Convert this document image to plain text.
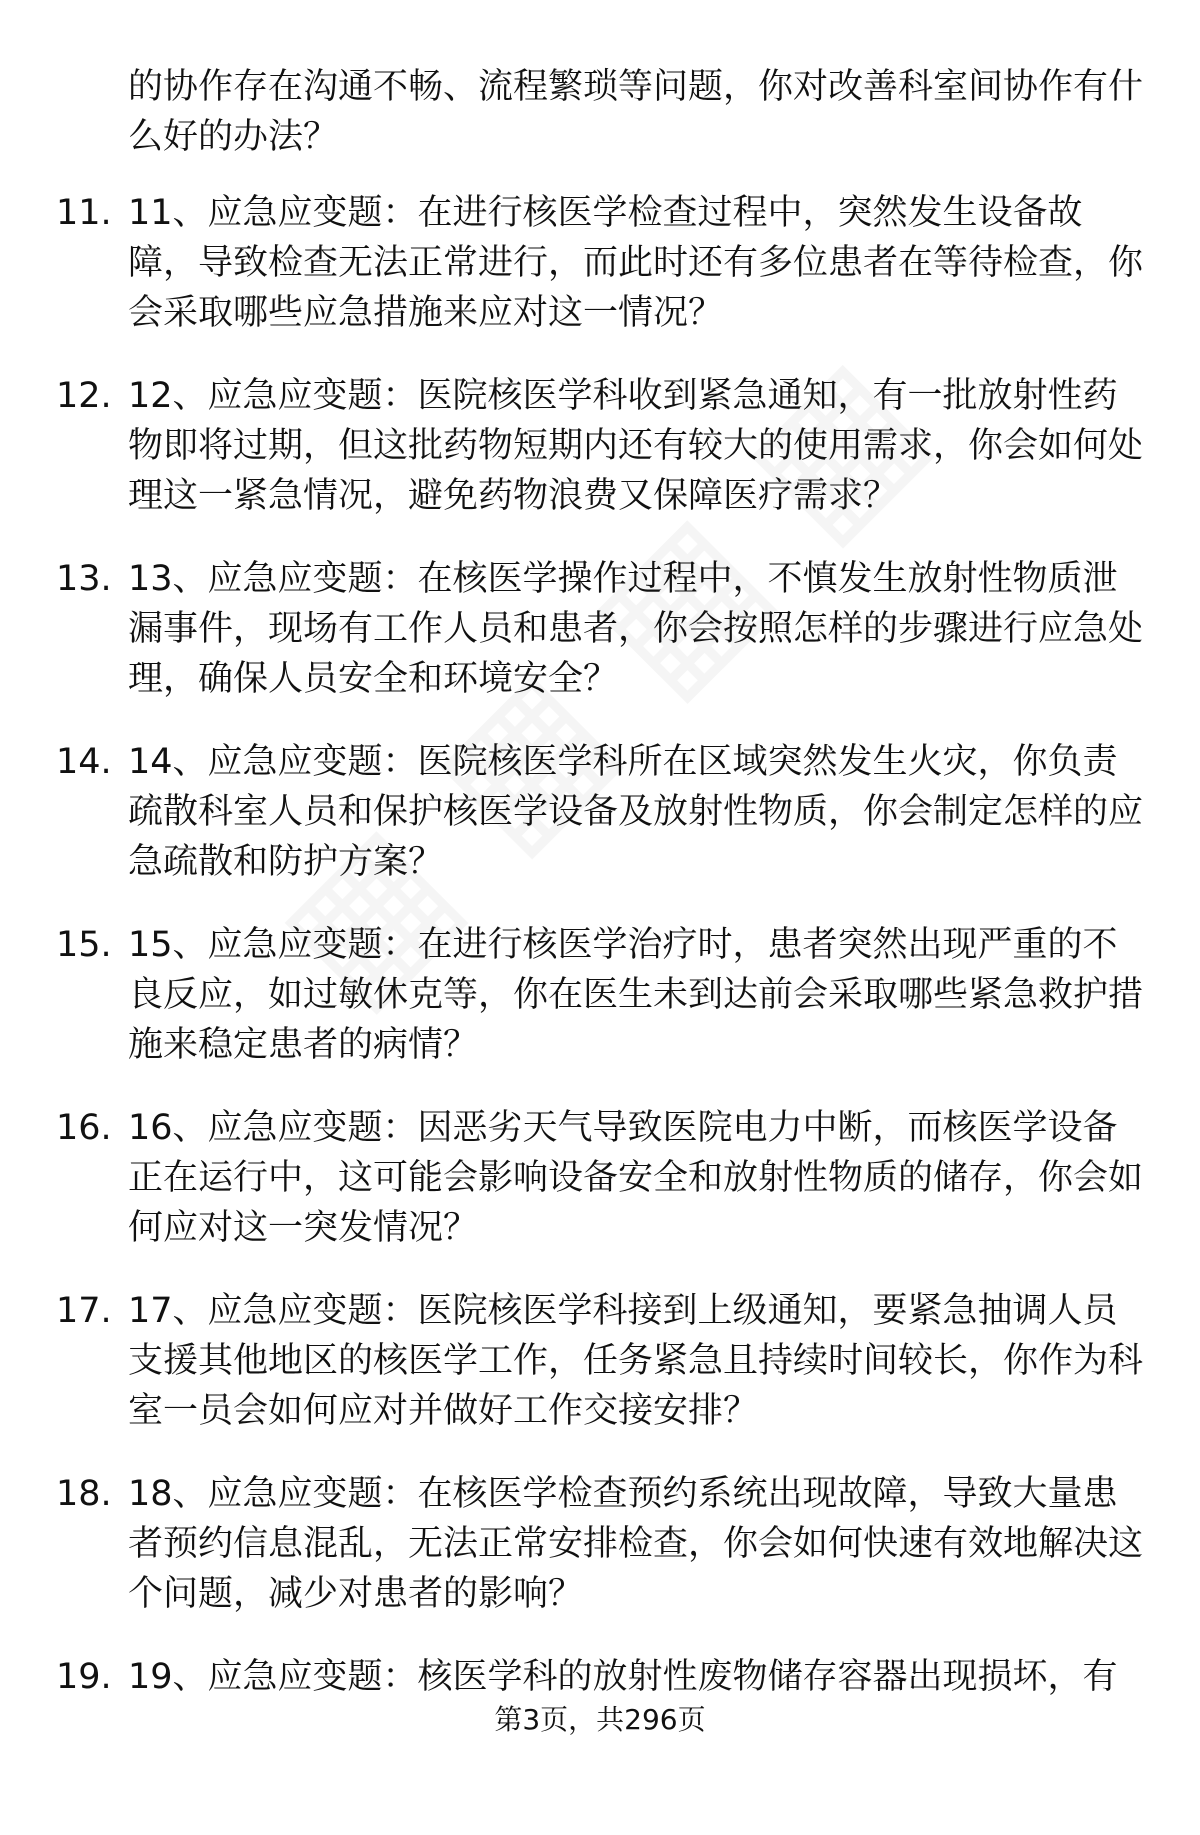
的协作存在沟通不畅、流程繁琐等问题，你对改善科室间协作有什么好的办法？
11. 11、应急应变题：在进行核医学检查过程中，突然发生设备故障，导致检查无法正常进行，而此时还有多位患者在等待检查，你会采取哪些应急措施来应对这一情况？
12. 12、应急应变题：医院核医学科收到紧急通知，有一批放射性药物即将过期，但这批药物短期内还有较大的使用需求，你会如何处理这一紧急情况，避免药物浪费又保障医疗需求？
13. 13、应急应变题：在核医学操作过程中，不慎发生放射性物质泄漏事件，现场有工作人员和患者，你会按照怎样的步骤进行应急处理，确保人员安全和环境安全？
14. 14、应急应变题：医院核医学科所在区域突然发生火灾，你负责疏散科室人员和保护核医学设备及放射性物质，你会制定怎样的应急疏散和防护方案？
15. 15、应急应变题：在进行核医学治疗时，患者突然出现严重的不良反应，如过敏休克等，你在医生未到达前会采取哪些紧急救护措施来稳定患者的病情？
16. 16、应急应变题：因恶劣天气导致医院电力中断，而核医学设备正在运行中，这可能会影响设备安全和放射性物质的储存，你会如何应对这一突发情况？
17. 17、应急应变题：医院核医学科接到上级通知，要紧急抽调人员支援其他地区的核医学工作，任务紧急且持续时间较长，你作为科室一员会如何应对并做好工作交接安排？
18. 18、应急应变题：在核医学检查预约系统出现故障，导致大量患者预约信息混乱，无法正常安排检查，你会如何快速有效地解决这个问题，减少对患者的影响？
19. 19、应急应变题：核医学科的放射性废物储存容器出现损坏，有
第3页，共296页
